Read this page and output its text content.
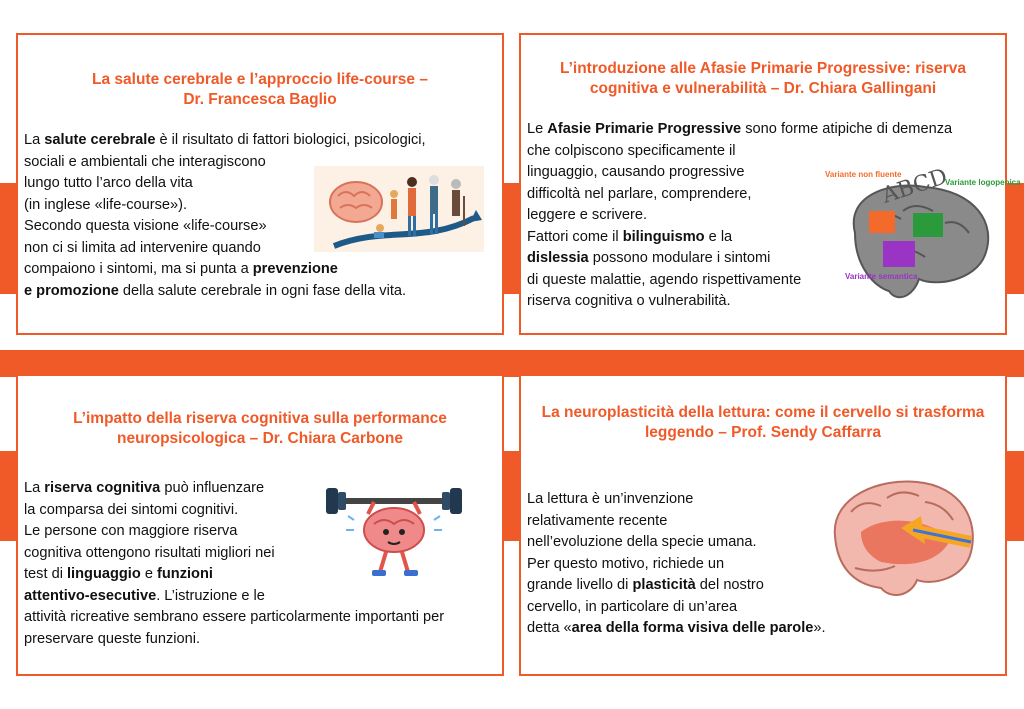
La salute cerebrale e l’approccio life-course –
Dr. Francesca Baglio
La salute cerebrale è il risultato di fattori biologici, psicologici,
sociali e ambientali che interagiscono
lungo tutto l’arco della vita
(in inglese «life-course»).
Secondo questa visione «life-course»
non ci si limita ad intervenire quando
compaiono i sintomi, ma si punta a prevenzione
e promozione della salute cerebrale in ogni fase della vita.
L’introduzione alle Afasie Primarie Progressive: riserva
cognitiva e vulnerabilità – Dr. Chiara Gallingani
Le Afasie Primarie Progressive sono forme atipiche di demenza
che colpiscono specificamente il
linguaggio, causando progressive
difficoltà nel parlare, comprendere,
leggere e scrivere.
Fattori come il bilinguismo e la
dislessia possono modulare i sintomi
di queste malattie, agendo rispettivamente
riserva cognitiva o vulnerabilità.
ABCD
Variante non fluente
Variante logopenica
Variante semantica
L’impatto della riserva cognitiva sulla performance
neuropsicologica – Dr. Chiara Carbone
La riserva cognitiva può influenzare
la comparsa dei sintomi cognitivi.
Le persone con maggiore riserva
cognitiva ottengono risultati migliori nei
test di linguaggio e funzioni
attentivo-esecutive. L’istruzione e le
attività ricreative sembrano essere particolarmente importanti per
preservare queste funzioni.
La neuroplasticità della lettura: come il cervello si trasforma
leggendo – Prof. Sendy Caffarra
La lettura è un’invenzione
relativamente recente
nell’evoluzione della specie umana.
Per questo motivo, richiede un
grande livello di plasticità del nostro
cervello, in particolare di un’area
detta «area della forma visiva delle parole».
